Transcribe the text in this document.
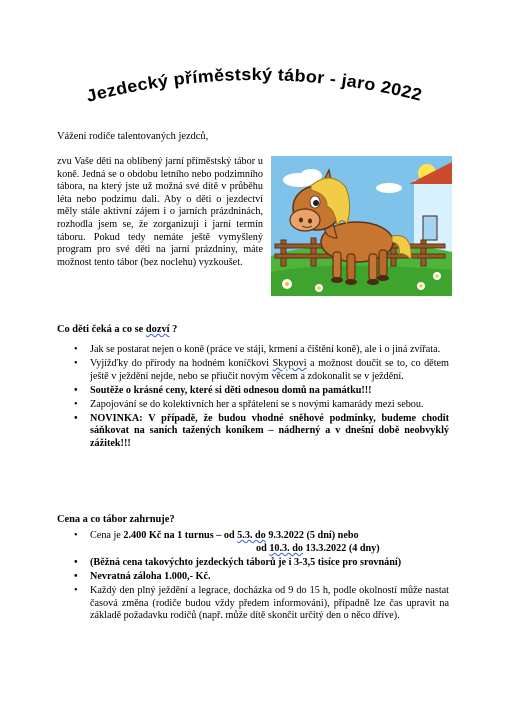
Jezdecký příměstský tábor - jaro 2022
Vážení rodiče talentovaných jezdců,
zvu Vaše děti na oblíbený jarní příměstský tábor u koně. Jedná se o obdobu letního nebo podzimního tábora, na který jste už možná své dítě v průběhu léta nebo podzimu dali. Aby o děti o jezdectví měly stále aktivní zájem i o jarních prázdninách, rozhodla jsem se, že zorganizuji i jarní termín táboru. Pokud tedy nemáte ještě vymyšlený program pro své děti na jarní prázdniny, máte možnost tento tábor (bez noclehu) vyzkoušet.
Co děti čeká a co se dozví ?
• Jak se postarat nejen o koně (práce ve stáji, krmení a čištění koně), ale i o jiná zvířata.
• Vyjížďky do přírody na hodném koníčkovi Skypovi a možnost doučit se to, co dětem ještě v ježdění nejde, nebo se přiučit novým věcem a zdokonalit se v ježdění.
• Soutěže o krásné ceny, které si děti odnesou domů na památku!!!
• Zapojování se do kolektivních her a spřátelení se s novými kamarády mezi sebou.
• NOVINKA: V případě, že budou vhodné sněhové podmínky, budeme chodit sáňkovat na saních tažených koníkem – nádherný a v dnešní době neobvyklý zážitek!!!
Cena a co tábor zahrnuje?
• Cena je 2.400 Kč na 1 turnus – od 5.3. do 9.3.2022 (5 dní) nebo
od 10.3. do 13.3.2022 (4 dny)
• (Běžná cena takovýchto jezdeckých táborů je i 3-3,5 tisíce pro srovnání)
• Nevratná záloha 1.000,- Kč.
• Každý den plný ježdění a legrace, docházka od 9 do 15 h, podle okolností může nastat časová změna (rodiče budou vždy předem informováni), případně lze čas upravit na základě požadavku rodičů (např. může dítě skončit určitý den o něco dříve).
